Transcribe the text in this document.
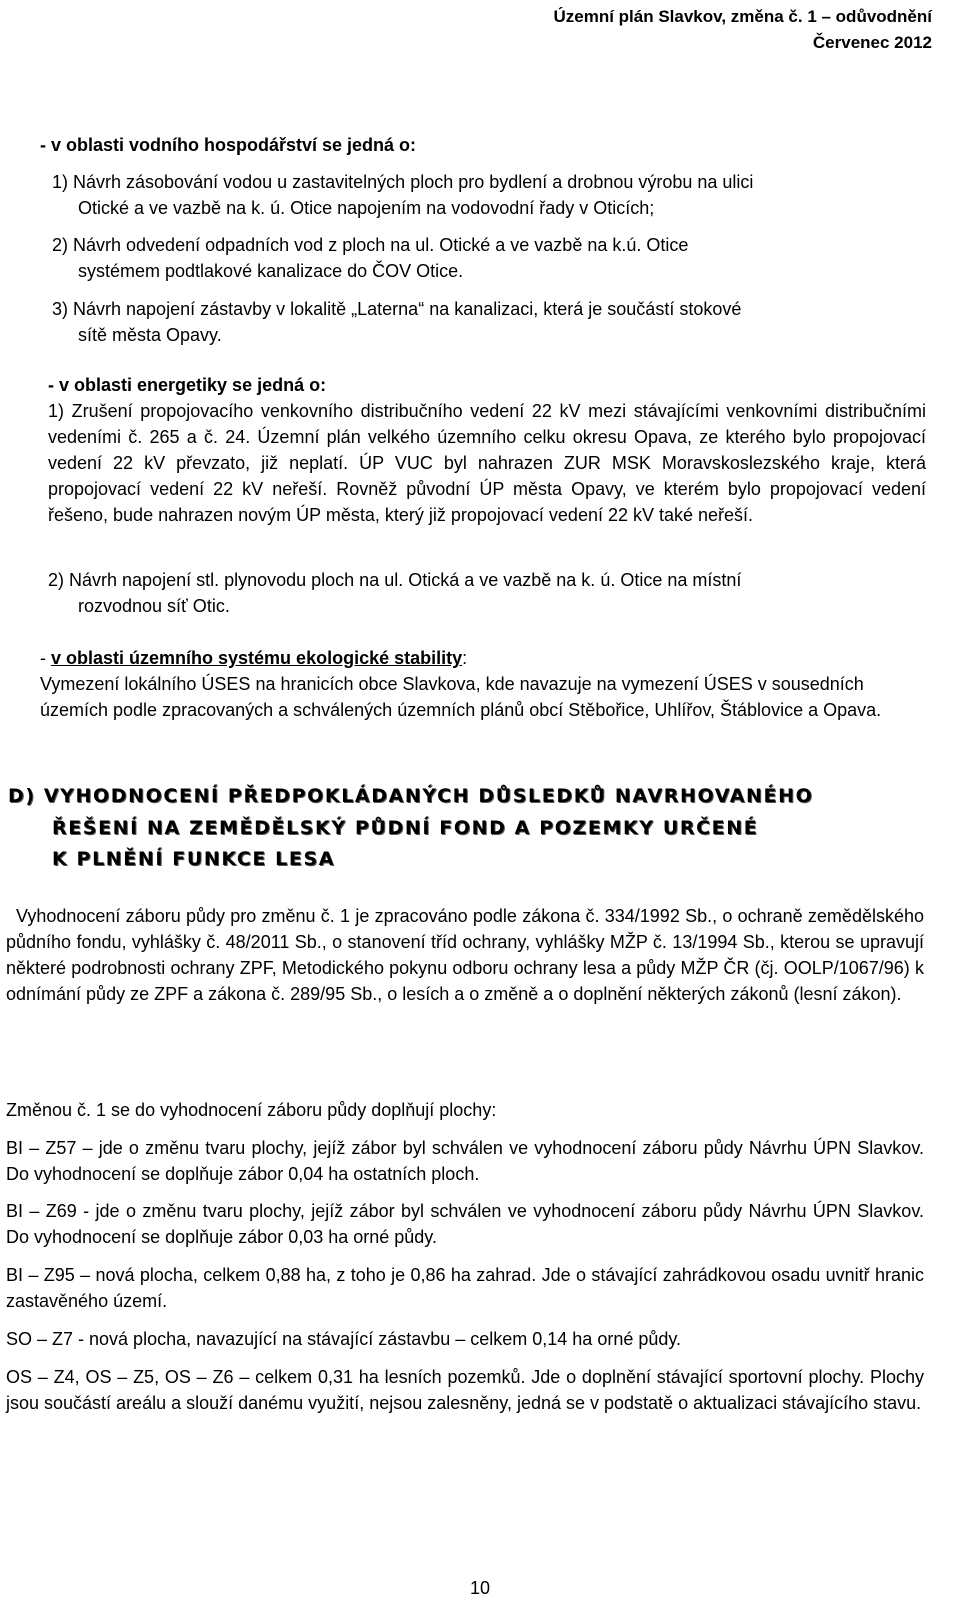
Územní plán Slavkov, změna č. 1 – odůvodnění
Červenec 2012
- v oblasti vodního hospodářství se jedná o:
1) Návrh zásobování vodou u zastavitelných ploch pro bydlení a drobnou výrobu na ulici
Otické a ve vazbě na k. ú. Otice napojením na vodovodní řady v Oticích;
2) Návrh odvedení odpadních vod z ploch na ul. Otické a ve vazbě na k.ú. Otice
systémem podtlakové kanalizace do ČOV Otice.
3) Návrh napojení zástavby v lokalitě „Laterna“ na kanalizaci, která je součástí stokové
sítě města Opavy.
- v oblasti energetiky se jedná o:
1) Zrušení propojovacího venkovního distribučního vedení 22 kV mezi stávajícími venkovními distribučními vedeními č. 265 a č. 24. Územní plán velkého územního celku okresu Opava, ze kterého bylo propojovací vedení 22 kV převzato, již neplatí. ÚP VUC byl nahrazen ZUR MSK Moravskoslezského kraje, která propojovací vedení 22 kV neřeší. Rovněž původní ÚP města Opavy, ve kterém bylo propojovací vedení řešeno, bude nahrazen novým ÚP města, který již propojovací vedení 22 kV také neřeší.
2) Návrh napojení stl. plynovodu ploch na ul. Otická a ve vazbě na k. ú. Otice na místní
rozvodnou síť Otic.
- v oblasti územního systému ekologické stability:
Vymezení lokálního ÚSES na hranicích obce Slavkova, kde navazuje na vymezení ÚSES v sousedních územích podle zpracovaných a schválených územních plánů obcí Stěbořice, Uhlířov, Štáblovice a Opava.
D) VYHODNOCENÍ PŘEDPOKLÁDANÝCH DŮSLEDKŮ NAVRHOVANÉHO
ŘEŠENÍ NA ZEMĚDĚLSKÝ PŮDNÍ FOND A POZEMKY URČENÉ
K PLNĚNÍ FUNKCE LESA
Vyhodnocení záboru půdy pro změnu č. 1 je zpracováno podle zákona č. 334/1992 Sb., o ochraně zemědělského půdního fondu, vyhlášky č. 48/2011 Sb., o stanovení tříd ochrany, vyhlášky MŽP č. 13/1994 Sb., kterou se upravují některé podrobnosti ochrany ZPF, Metodického pokynu odboru ochrany lesa a půdy MŽP ČR (čj. OOLP/1067/96) k odnímání půdy ze ZPF a zákona č. 289/95 Sb., o lesích a o změně a o doplnění některých zákonů (lesní zákon).
Změnou č. 1 se do vyhodnocení záboru půdy doplňují plochy:
BI – Z57 – jde o změnu tvaru plochy, jejíž zábor byl schválen ve vyhodnocení záboru půdy Návrhu ÚPN Slavkov. Do vyhodnocení se doplňuje zábor 0,04 ha ostatních ploch.
BI – Z69 - jde o změnu tvaru plochy, jejíž zábor byl schválen ve vyhodnocení záboru půdy Návrhu ÚPN Slavkov. Do vyhodnocení se doplňuje zábor 0,03 ha orné půdy.
BI – Z95 – nová plocha, celkem 0,88 ha, z toho je 0,86 ha zahrad. Jde o stávající zahrádkovou osadu uvnitř hranic zastavěného území.
SO – Z7 - nová plocha, navazující na stávající zástavbu – celkem 0,14 ha orné půdy.
OS – Z4, OS – Z5, OS – Z6 – celkem 0,31 ha lesních pozemků. Jde o doplnění stávající sportovní plochy. Plochy jsou součástí areálu a slouží danému využití, nejsou zalesněny, jedná se v podstatě o aktualizaci stávajícího stavu.
10
